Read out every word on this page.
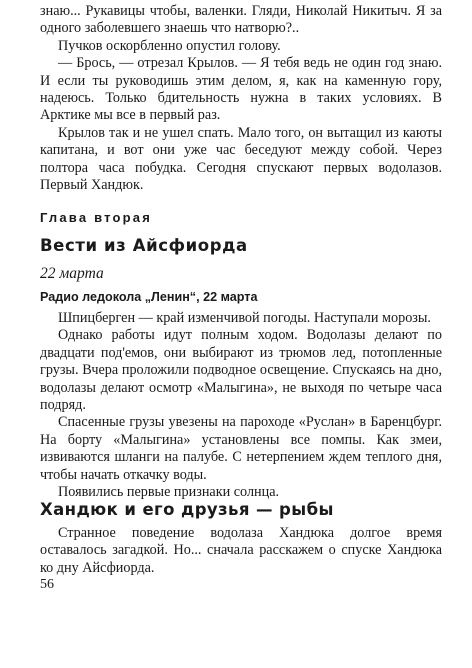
знаю... Рукавицы чтобы, валенки. Гляди, Николай Никитыч. Я за одного заболевшего знаешь что натворю?..

Пучков оскорбленно опустил голову.

— Брось, — отрезал Крылов. — Я тебя ведь не один год знаю. И если ты руководишь этим делом, я, как на каменную гору, надеюсь. Только бдительность нужна в таких условиях. В Арктике мы все в первый раз.

Крылов так и не ушел спать. Мало того, он вытащил из каюты капитана, и вот они уже час беседуют между собой. Через полтора часа побудка. Сегодня спускают первых водолазов. Первый Хандюк.

Глава вторая
Вести из Айсфиорда
22 марта
Радио ледокола „Ленин“, 22 марта

Шпицберген — край изменчивой погоды. Наступали морозы.

Однако работы идут полным ходом. Водолазы делают по двадцати под'емов, они выбирают из трюмов лед, потопленные грузы. Вчера проложили подводное освещение. Спускаясь на дно, водолазы делают осмотр «Малыгина», не выходя по четыре часа подряд.

Спасенные грузы увезены на пароходе «Руслан» в Баренцбург. На борту «Малыгина» установлены все помпы. Как змеи, извиваются шланги на палубе. С нетерпением ждем теплого дня, чтобы начать откачку воды.

Появились первые признаки солнца.

Хандюк и его друзья — рыбы

Странное поведение водолаза Хандюка долгое время оставалось загадкой. Но... сначала расскажем о спуске Хандюка ко дну Айсфиорда.

56
